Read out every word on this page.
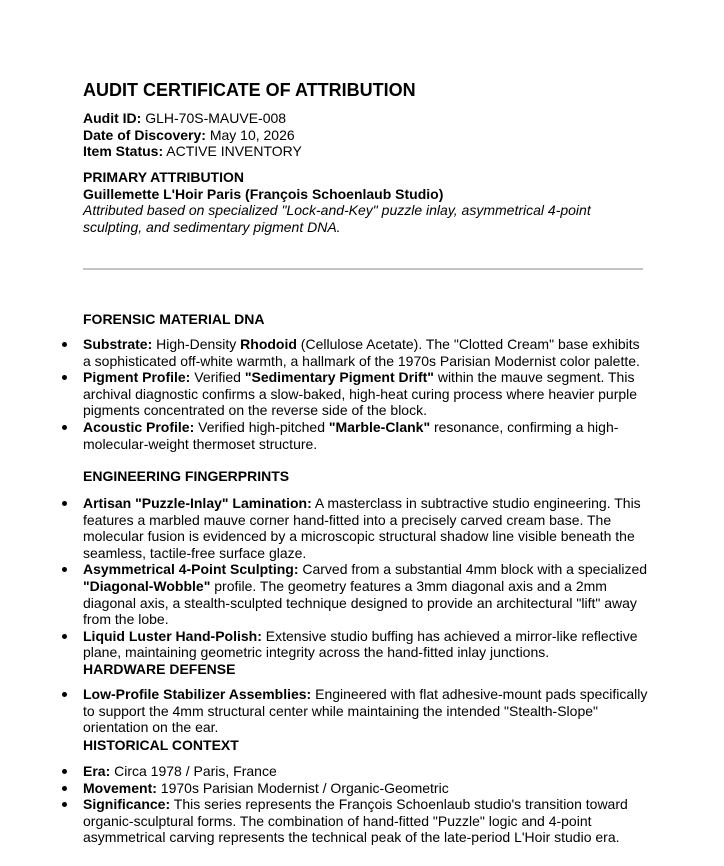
AUDIT CERTIFICATE OF ATTRIBUTION
Audit ID: GLH-70S-MAUVE-008
Date of Discovery: May 10, 2026
Item Status: ACTIVE INVENTORY
PRIMARY ATTRIBUTION
Guillemette L'Hoir Paris (François Schoenlaub Studio)
Attributed based on specialized "Lock-and-Key" puzzle inlay, asymmetrical 4-point sculpting, and sedimentary pigment DNA.
FORENSIC MATERIAL DNA
Substrate: High-Density Rhodoid (Cellulose Acetate). The "Clotted Cream" base exhibits a sophisticated off-white warmth, a hallmark of the 1970s Parisian Modernist color palette.
Pigment Profile: Verified "Sedimentary Pigment Drift" within the mauve segment. This archival diagnostic confirms a slow-baked, high-heat curing process where heavier purple pigments concentrated on the reverse side of the block.
Acoustic Profile: Verified high-pitched "Marble-Clank" resonance, confirming a high-molecular-weight thermoset structure.
ENGINEERING FINGERPRINTS
Artisan "Puzzle-Inlay" Lamination: A masterclass in subtractive studio engineering. This features a marbled mauve corner hand-fitted into a precisely carved cream base. The molecular fusion is evidenced by a microscopic structural shadow line visible beneath the seamless, tactile-free surface glaze.
Asymmetrical 4-Point Sculpting: Carved from a substantial 4mm block with a specialized "Diagonal-Wobble" profile. The geometry features a 3mm diagonal axis and a 2mm diagonal axis, a stealth-sculpted technique designed to provide an architectural "lift" away from the lobe.
Liquid Luster Hand-Polish: Extensive studio buffing has achieved a mirror-like reflective plane, maintaining geometric integrity across the hand-fitted inlay junctions.
HARDWARE DEFENSE
Low-Profile Stabilizer Assemblies: Engineered with flat adhesive-mount pads specifically to support the 4mm structural center while maintaining the intended "Stealth-Slope" orientation on the ear.
HISTORICAL CONTEXT
Era: Circa 1978 / Paris, France
Movement: 1970s Parisian Modernist / Organic-Geometric
Significance: This series represents the François Schoenlaub studio's transition toward organic-sculptural forms. The combination of hand-fitted "Puzzle" logic and 4-point asymmetrical carving represents the technical peak of the late-period L'Hoir studio era.
